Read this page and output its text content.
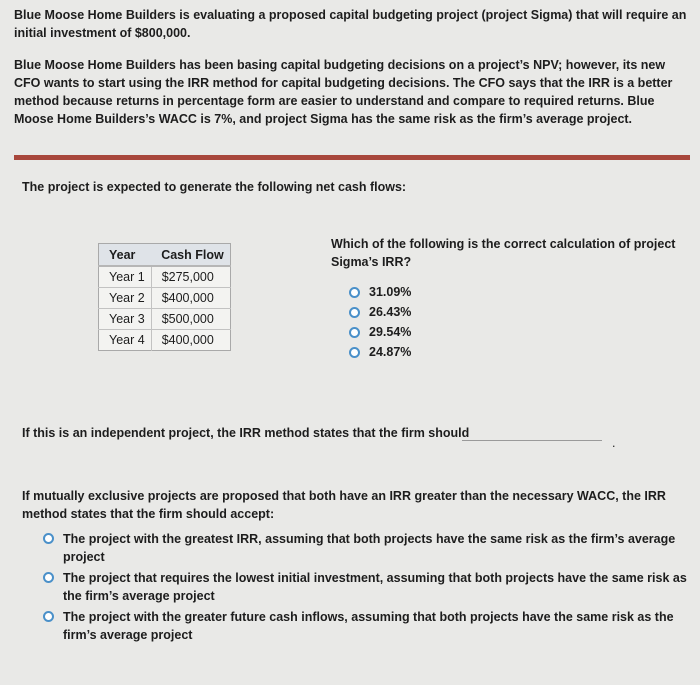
Blue Moose Home Builders is evaluating a proposed capital budgeting project (project Sigma) that will require an initial investment of $800,000.

Blue Moose Home Builders has been basing capital budgeting decisions on a project’s NPV; however, its new CFO wants to start using the IRR method for capital budgeting decisions. The CFO says that the IRR is a better method because returns in percentage form are easier to understand and compare to required returns. Blue Moose Home Builders’s WACC is 7%, and project Sigma has the same risk as the firm’s average project.

The project is expected to generate the following net cash flows:
Year	Cash Flow
Year 1	$275,000
Year 2	$400,000
Year 3	$500,000
Year 4	$400,000
Which of the following is the correct calculation of project Sigma’s IRR?
31.09%
26.43%
29.54%
24.87%
If this is an independent project, the IRR method states that the firm should
.
If mutually exclusive projects are proposed that both have an IRR greater than the necessary WACC, the IRR method states that the firm should accept:
The project with the greatest IRR, assuming that both projects have the same risk as the firm’s average project
The project that requires the lowest initial investment, assuming that both projects have the same risk as the firm’s average project
The project with the greater future cash inflows, assuming that both projects have the same risk as the firm’s average project
